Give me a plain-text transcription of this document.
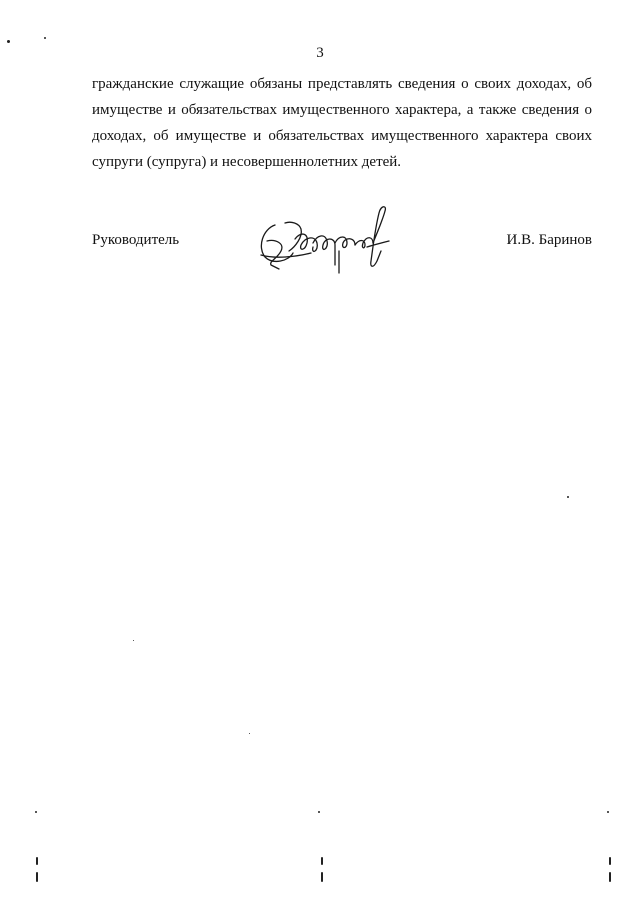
3
гражданские служащие обязаны представлять сведения о своих доходах, об
имуществе и обязательствах имущественного характера, а также сведения о
доходах, об имуществе и обязательствах имущественного характера своих
супруги (супруга) и несовершеннолетних детей.
Руководитель	И.В. Баринов
